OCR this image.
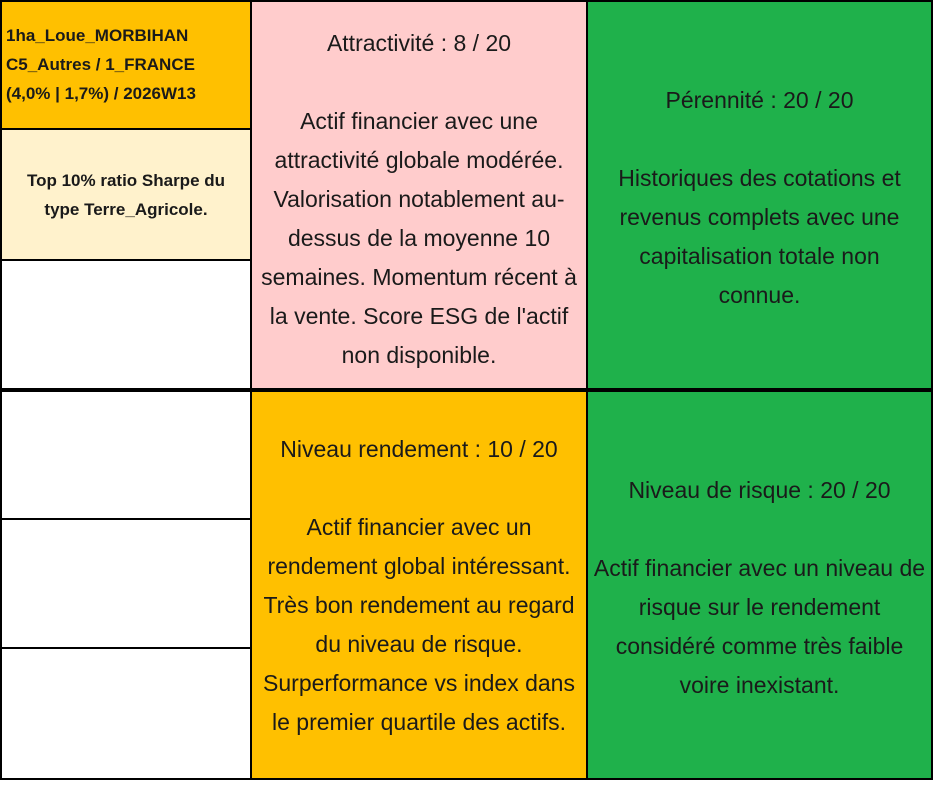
1ha_Loue_MORBIHAN
C5_Autres / 1_FRANCE
(4,0% | 1,7%) / 2026W13
Top 10% ratio Sharpe du
type Terre_Agricole.
Attractivité : 8 / 20
Actif financier avec une
attractivité globale modérée.
Valorisation notablement au-
dessus de la moyenne 10
semaines. Momentum récent à
la vente. Score ESG de l'actif
non disponible.
Pérennité : 20 / 20
Historiques des cotations et
revenus complets avec une
capitalisation totale non
connue.
Niveau rendement : 10 / 20
Actif financier avec un
rendement global intéressant.
Très bon rendement au regard
du niveau de risque.
Surperformance vs index dans
le premier quartile des actifs.
Niveau de risque : 20 / 20
Actif financier avec un niveau de
risque sur le rendement
considéré comme très faible
voire inexistant.
